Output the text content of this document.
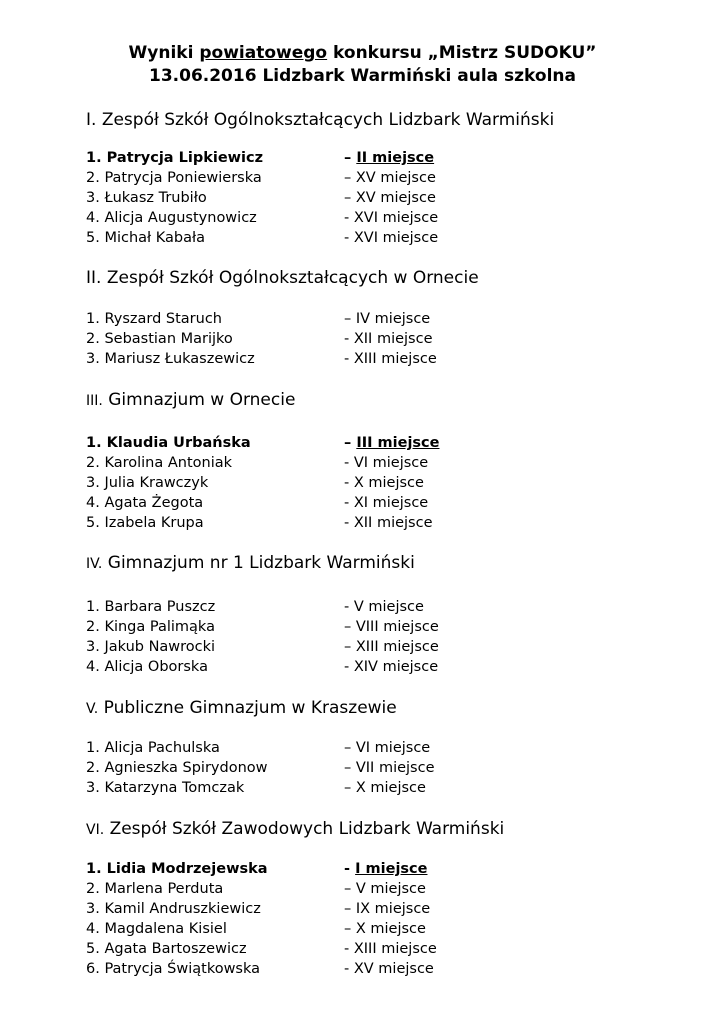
Wyniki powiatowego konkursu „Mistrz SUDOKU”
13.06.2016 Lidzbark Warmiński aula szkolna
I. Zespół Szkół Ogólnokształcących Lidzbark Warmiński
1. Patrycja Lipkiewicz	– II miejsce
2. Patrycja Poniewierska	– XV miejsce
3. Łukasz Trubiło	– XV miejsce
4. Alicja Augustynowicz	- XVI miejsce
5. Michał Kabała	- XVI miejsce
II. Zespół Szkół Ogólnokształcących w Ornecie
1. Ryszard Staruch	– IV miejsce
2. Sebastian Marijko	- XII miejsce
3. Mariusz Łukaszewicz	- XIII miejsce
III. Gimnazjum w Ornecie
1. Klaudia Urbańska	– III miejsce
2. Karolina Antoniak	- VI miejsce
3. Julia Krawczyk	- X miejsce
4. Agata Żegota	- XI miejsce
5. Izabela Krupa	- XII miejsce
IV. Gimnazjum nr 1 Lidzbark Warmiński
1. Barbara Puszcz	- V miejsce
2. Kinga Palimąka	– VIII miejsce
3. Jakub Nawrocki	– XIII miejsce
4. Alicja Oborska	- XIV miejsce
V. Publiczne Gimnazjum w Kraszewie
1. Alicja Pachulska	– VI miejsce
2. Agnieszka Spirydonow	– VII miejsce
3. Katarzyna Tomczak	– X miejsce
VI. Zespół Szkół Zawodowych Lidzbark Warmiński
1. Lidia Modrzejewska	- I miejsce
2. Marlena Perduta	– V miejsce
3. Kamil Andruszkiewicz	– IX miejsce
4. Magdalena Kisiel	– X miejsce
5. Agata Bartoszewicz	- XIII miejsce
6. Patrycja Świątkowska	- XV miejsce
